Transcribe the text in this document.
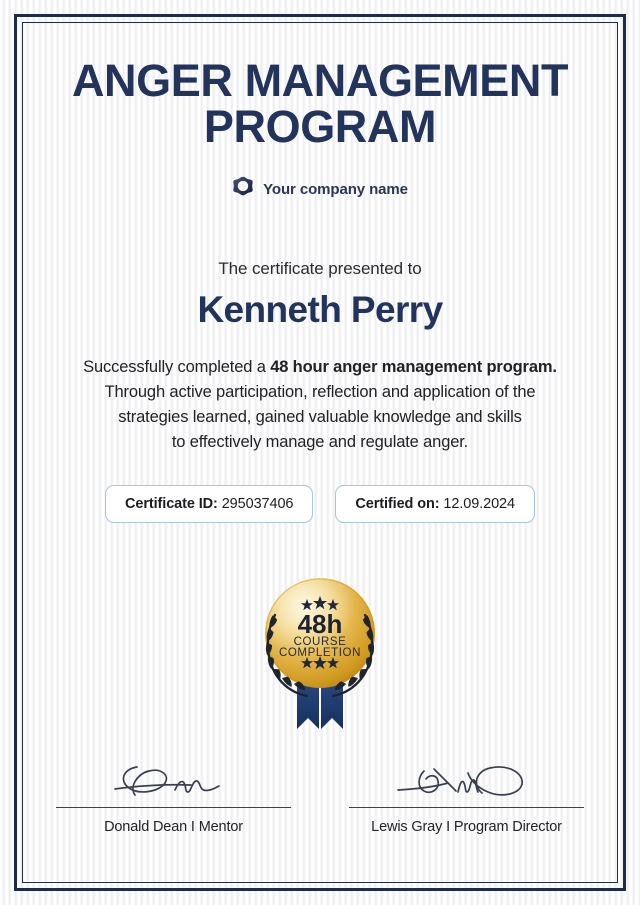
ANGER MANAGEMENT
PROGRAM
Your company name
The certificate presented to
Kenneth Perry
Successfully completed a 48 hour anger management program.
Through active participation, reflection and application of the
strategies learned, gained valuable knowledge and skills
to effectively manage and regulate anger.
Certificate ID: 295037406	Certified on: 12.09.2024
48h
COURSE
COMPLETION
Donald Dean I Mentor	Lewis Gray I Program Director
